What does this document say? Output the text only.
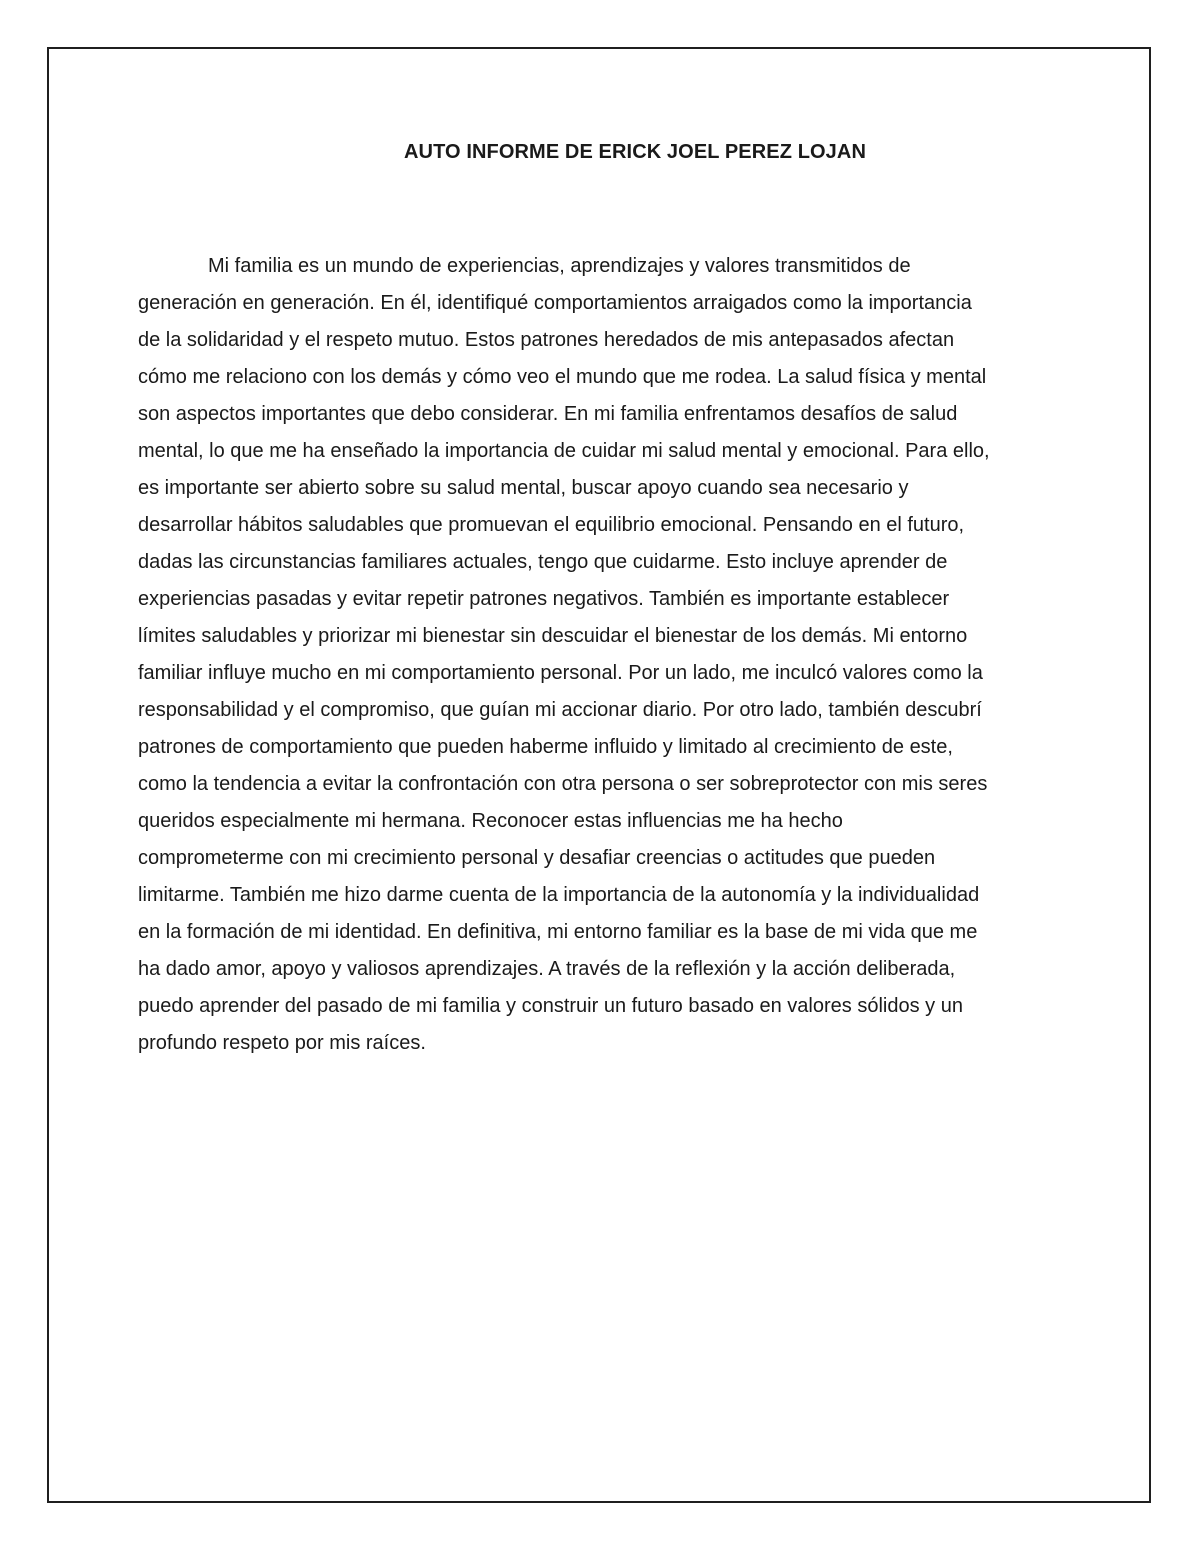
AUTO INFORME DE ERICK JOEL PEREZ LOJAN
Mi familia es un mundo de experiencias, aprendizajes y valores transmitidos de
generación en generación. En él, identifiqué comportamientos arraigados como la importancia
de la solidaridad y el respeto mutuo. Estos patrones heredados de mis antepasados afectan
cómo me relaciono con los demás y cómo veo el mundo que me rodea. La salud física y mental
son aspectos importantes que debo considerar. En mi familia enfrentamos desafíos de salud
mental, lo que me ha enseñado la importancia de cuidar mi salud mental y emocional. Para ello,
es importante ser abierto sobre su salud mental, buscar apoyo cuando sea necesario y
desarrollar hábitos saludables que promuevan el equilibrio emocional. Pensando en el futuro,
dadas las circunstancias familiares actuales, tengo que cuidarme. Esto incluye aprender de
experiencias pasadas y evitar repetir patrones negativos. También es importante establecer
límites saludables y priorizar mi bienestar sin descuidar el bienestar de los demás. Mi entorno
familiar influye mucho en mi comportamiento personal. Por un lado, me inculcó valores como la
responsabilidad y el compromiso, que guían mi accionar diario. Por otro lado, también descubrí
patrones de comportamiento que pueden haberme influido y limitado al crecimiento de este,
como la tendencia a evitar la confrontación con otra persona o ser sobreprotector con mis seres
queridos especialmente mi hermana. Reconocer estas influencias me ha hecho
comprometerme con mi crecimiento personal y desafiar creencias o actitudes que pueden
limitarme. También me hizo darme cuenta de la importancia de la autonomía y la individualidad
en la formación de mi identidad. En definitiva, mi entorno familiar es la base de mi vida que me
ha dado amor, apoyo y valiosos aprendizajes. A través de la reflexión y la acción deliberada,
puedo aprender del pasado de mi familia y construir un futuro basado en valores sólidos y un
profundo respeto por mis raíces.
